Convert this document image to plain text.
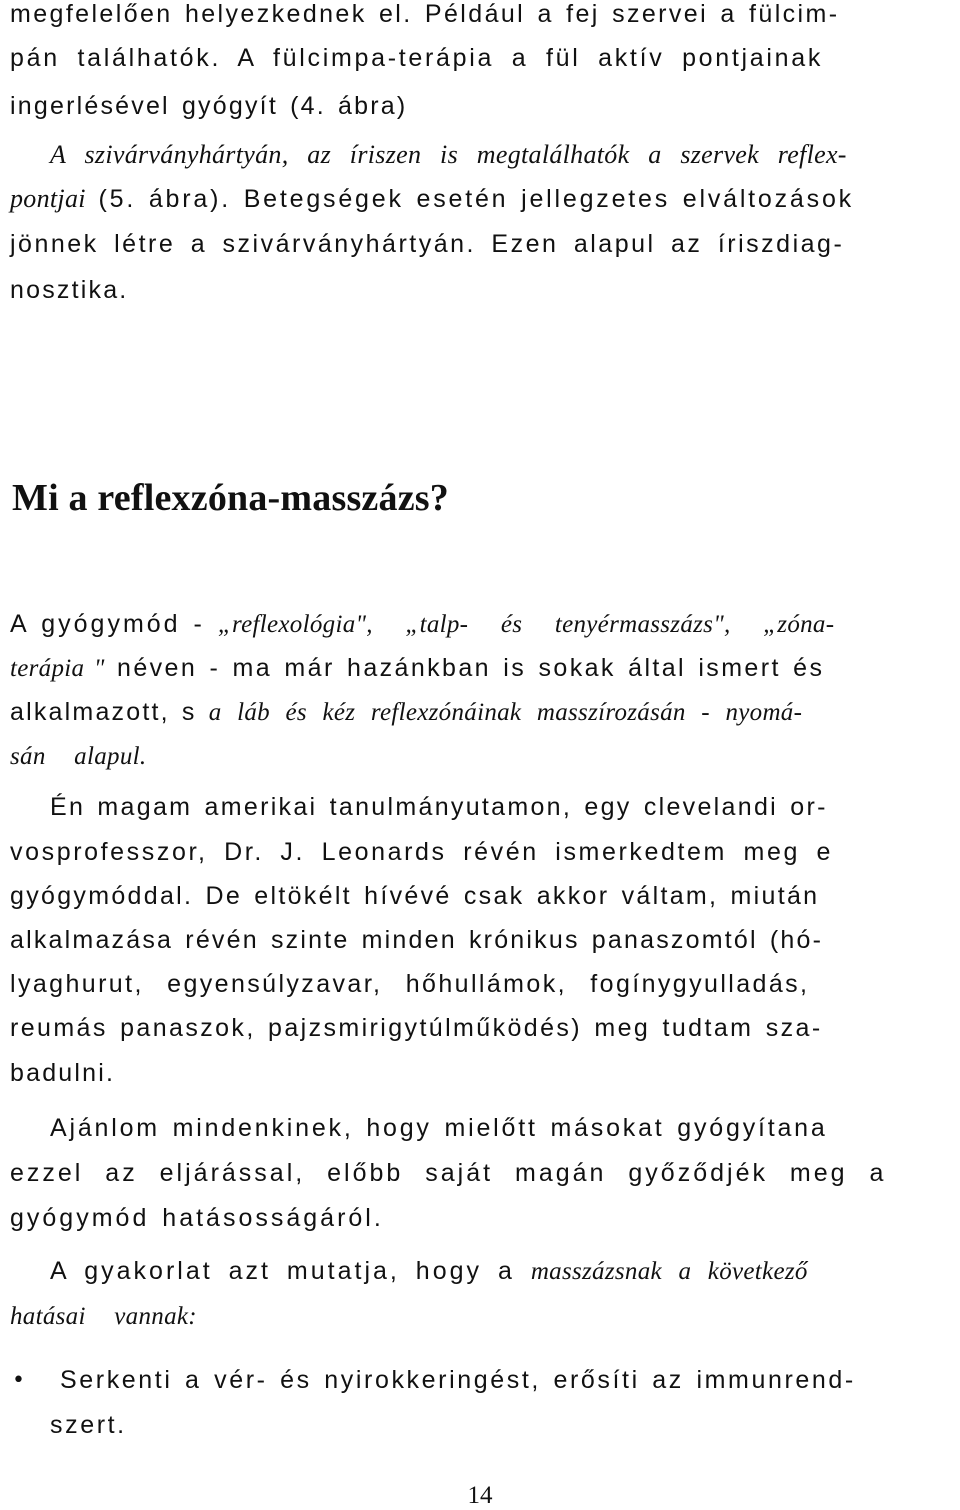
megfelelően helyezkednek el. Például a fej szervei a fülcim-
pán találhatók. A fülcimpa-terápia a fül aktív pontjainak
ingerlésével gyógyít (4. ábra)
A szivárványhártyán, az íriszen is megtalálhatók a szervek reflex-
pontjai (5. ábra). Betegségek esetén jellegzetes elváltozások
jönnek létre a szivárványhártyán. Ezen alapul az íriszdiag-
nosztika.
Mi a reflexzóna-masszázs?
A gyógymód - „reflexológia", „talp- és tenyérmasszázs", „zóna-
terápia " néven - ma már hazánkban is sokak által ismert és
alkalmazott, s a láb és kéz reflexzónáinak masszírozásán - nyomá-
sán alapul.
Én magam amerikai tanulmányutamon, egy clevelandi or-
vosprofesszor, Dr. J. Leonards révén ismerkedtem meg e
gyógymóddal. De eltökélt hívévé csak akkor váltam, miután
alkalmazása révén szinte minden krónikus panaszomtól (hó-
lyaghurut, egyensúlyzavar, hőhullámok, fogínygyulladás,
reumás panaszok, pajzsmirigytúlműködés) meg tudtam sza-
badulni.
Ajánlom mindenkinek, hogy mielőtt másokat gyógyítana
ezzel az eljárással, előbb saját magán győződjék meg a
gyógymód hatásosságáról.
A gyakorlat azt mutatja, hogy a masszázsnak a következő
hatásai vannak:
• Serkenti a vér- és nyirokkeringést, erősíti az immunrend-
szert.
14
